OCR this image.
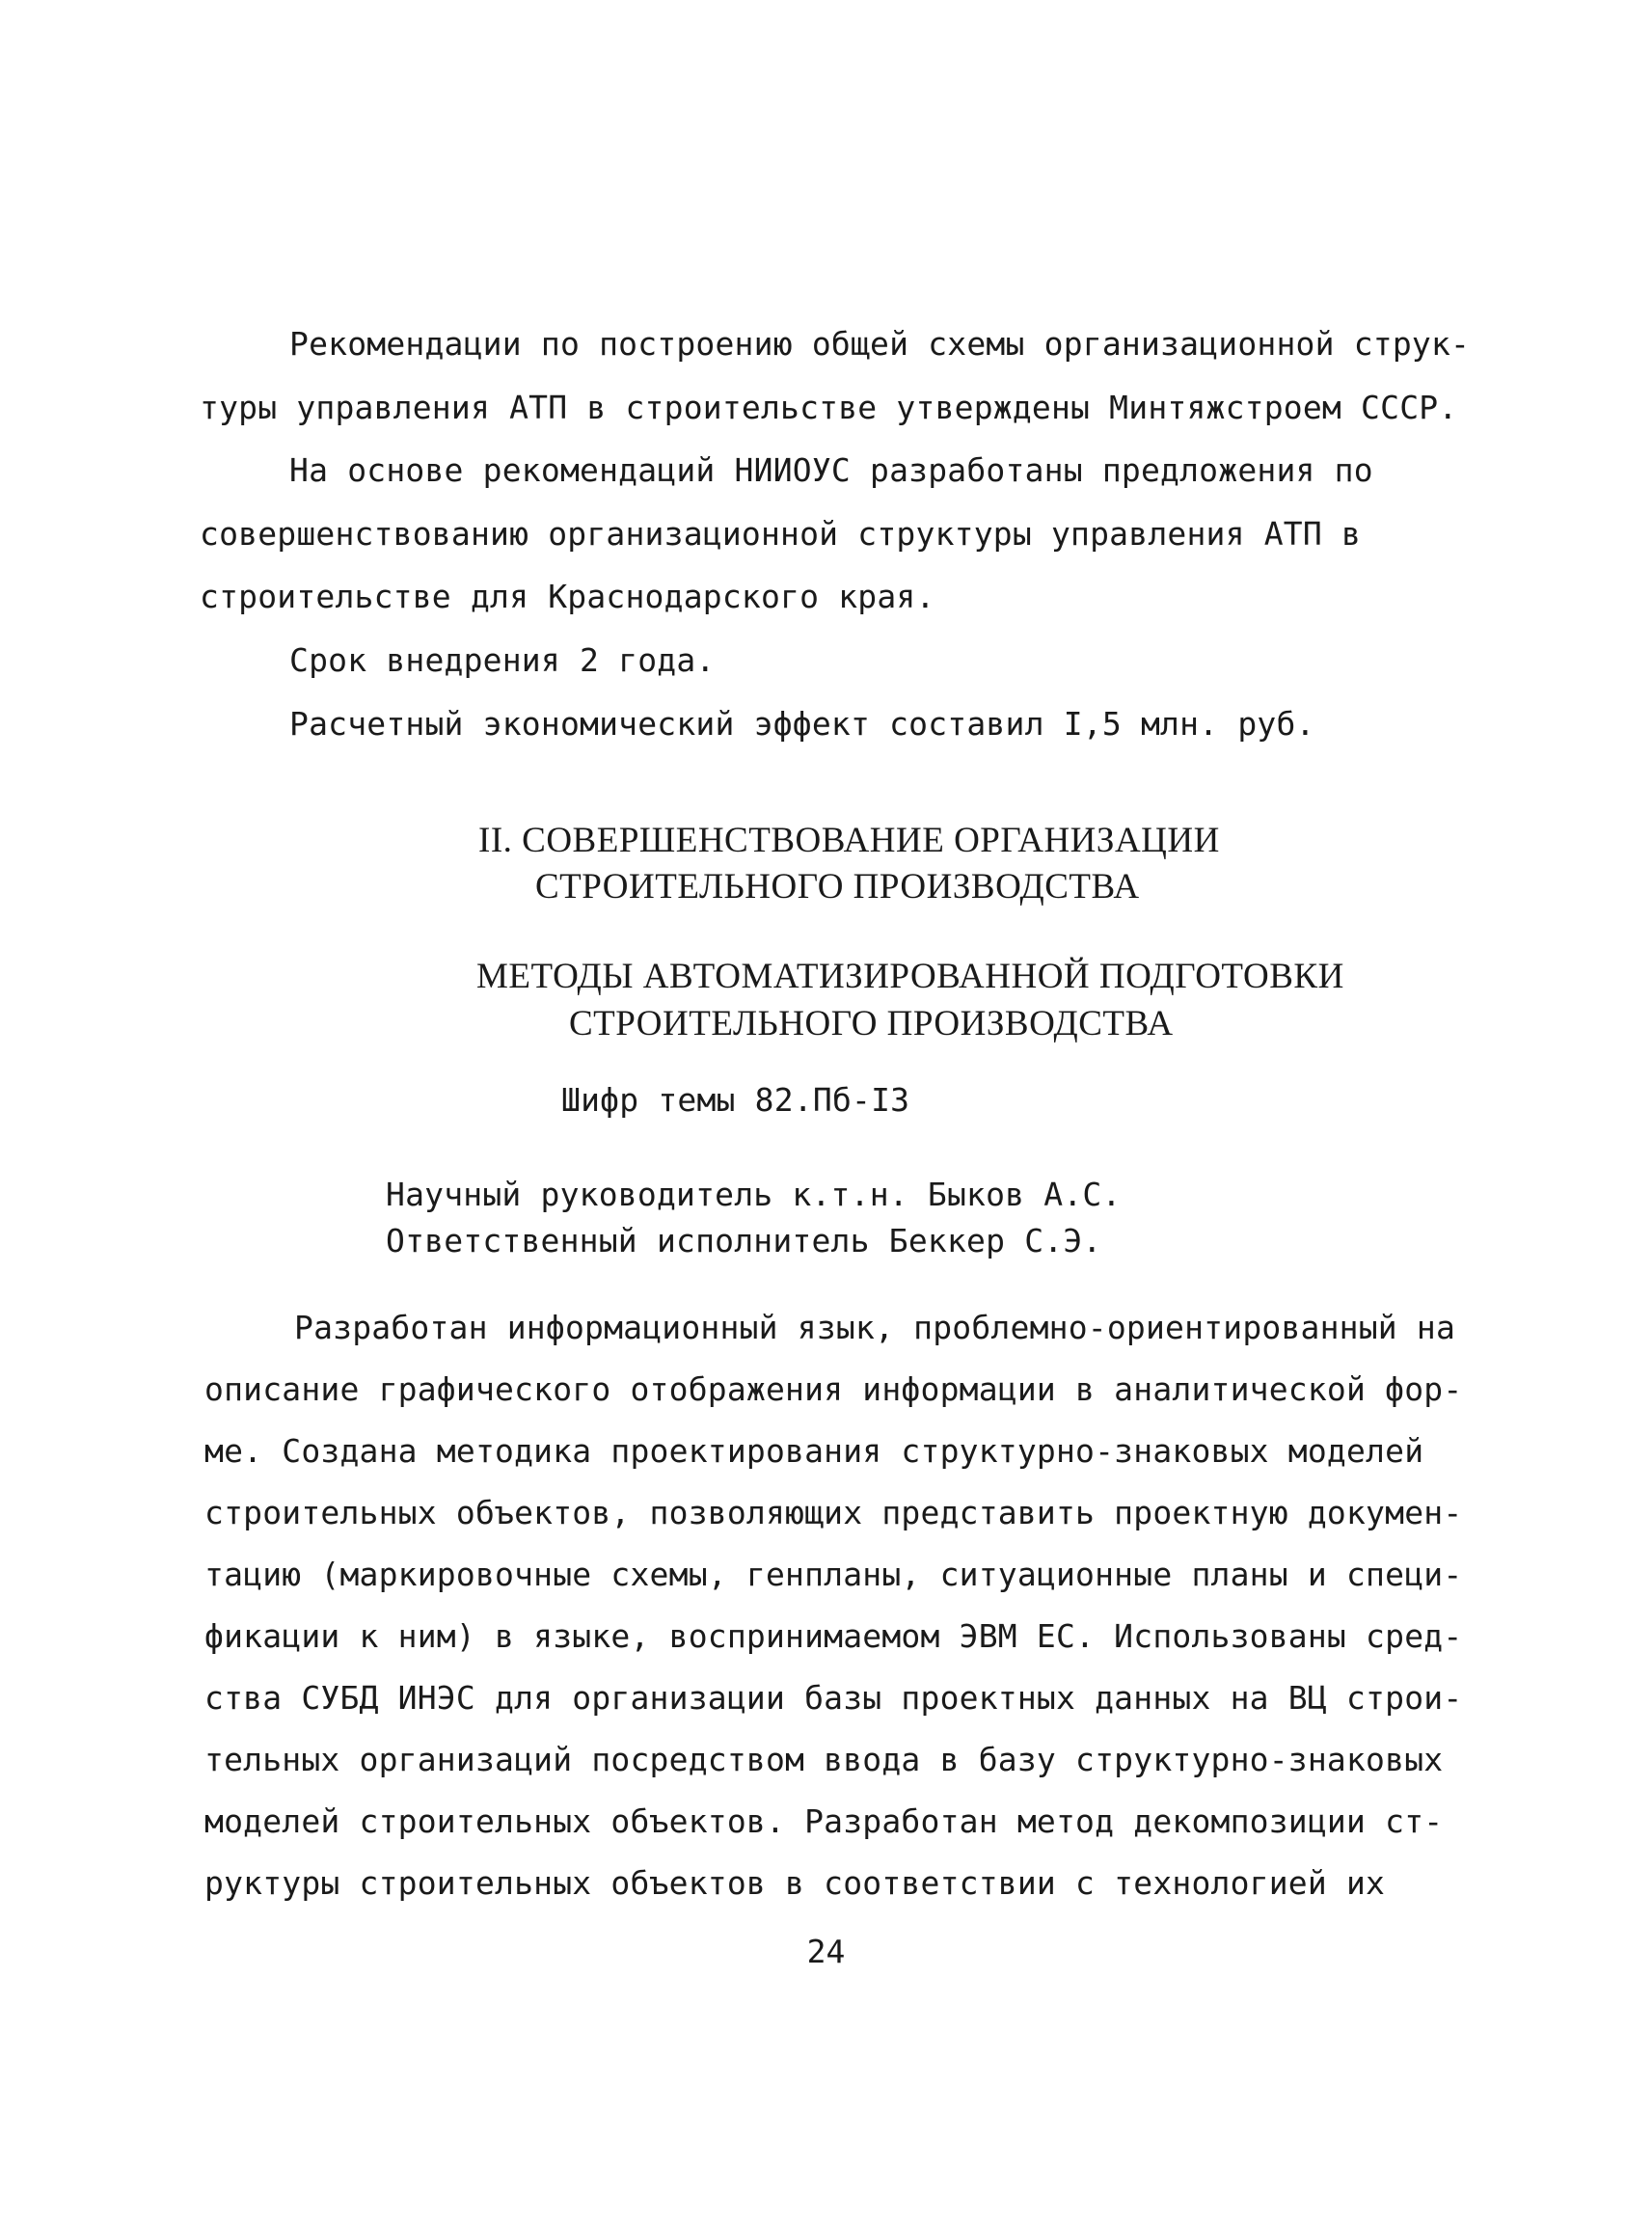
Рекомендации по построению общей схемы организационной струк-
туры управления АТП в строительстве утверждены Минтяжстроем СССР.
На основе рекомендаций НИИОУС разработаны предложения по
совершенствованию организационной структуры управления АТП в
строительстве для Краснодарского края.
Срок внедрения 2 года.
Расчетный экономический эффект составил I,5 млн. руб.
II. СОВЕРШЕНСТВОВАНИЕ ОРГАНИЗАЦИИ
СТРОИТЕЛЬНОГО ПРОИЗВОДСТВА
МЕТОДЫ АВТОМАТИЗИРОВАННОЙ ПОДГОТОВКИ
СТРОИТЕЛЬНОГО ПРОИЗВОДСТВА
Шифр темы 82.Пб-I3
Научный руководитель к.т.н. Быков А.С.
Ответственный исполнитель Беккер С.Э.
Разработан информационный язык, проблемно-ориентированный на
описание графического отображения информации в аналитической фор-
ме. Создана методика проектирования структурно-знаковых моделей
строительных объектов, позволяющих представить проектную докумен-
тацию (маркировочные схемы, генпланы, ситуационные планы и специ-
фикации к ним) в языке, воспринимаемом ЭВМ ЕС. Использованы сред-
ства СУБД ИНЭС для организации базы проектных данных на ВЦ строи-
тельных организаций посредством ввода в базу структурно-знаковых
моделей строительных объектов. Разработан метод декомпозиции ст-
руктуры строительных объектов в соответствии с технологией их
24
